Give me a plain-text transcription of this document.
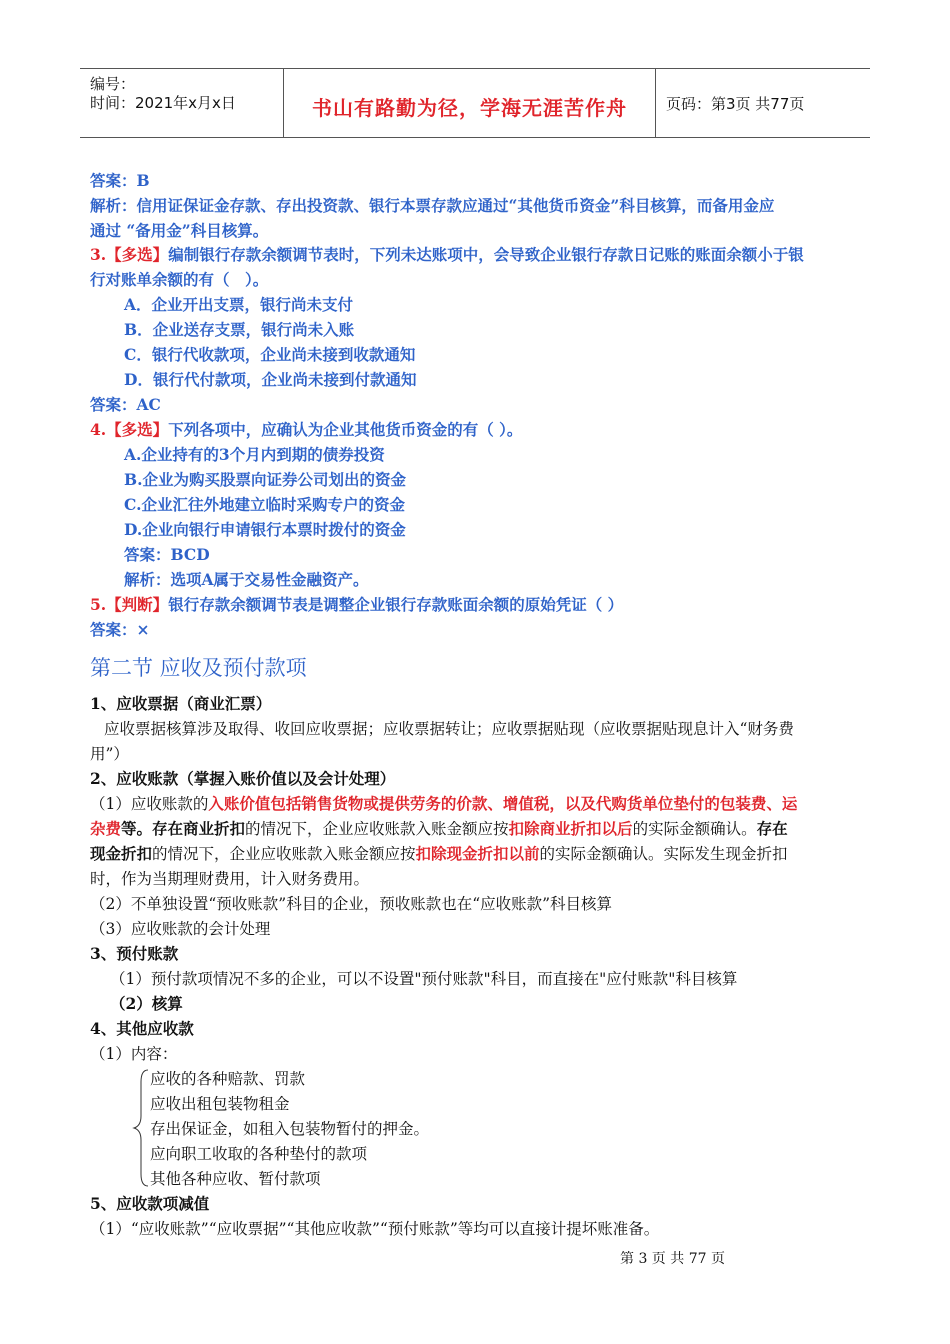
编号：
时间：2021年x月x日	书山有路勤为径，学海无涯苦作舟	页码：第3页 共77页
答案：B
解析：信用证保证金存款、存出投资款、银行本票存款应通过“其他货币资金”科目核算，而备用金应
通过 “备用金”科目核算。
3.【多选】编制银行存款余额调节表时，下列未达账项中，会导致企业银行存款日记账的账面余额小于银
行对账单余额的有（　）。
A．企业开出支票，银行尚未支付
B．企业送存支票，银行尚未入账
C．银行代收款项，企业尚未接到收款通知
D．银行代付款项，企业尚未接到付款通知
答案：AC
4.【多选】下列各项中，应确认为企业其他货币资金的有（ ）。
A.企业持有的3个月内到期的债券投资
B.企业为购买股票向证券公司划出的资金
C.企业汇往外地建立临时采购专户的资金
D.企业向银行申请银行本票时拨付的资金
答案：BCD
解析：选项A属于交易性金融资产。
5.【判断】银行存款余额调节表是调整企业银行存款账面余额的原始凭证（ ）
答案：×
第二节 应收及预付款项
1、应收票据（商业汇票）
应收票据核算涉及取得、收回应收票据；应收票据转让；应收票据贴现（应收票据贴现息计入“财务费
用”）
2、应收账款（掌握入账价值以及会计处理）
（1）应收账款的入账价值包括销售货物或提供劳务的价款、增值税，以及代购货单位垫付的包装费、运
杂费等。存在商业折扣的情况下，企业应收账款入账金额应按扣除商业折扣以后的实际金额确认。存在
现金折扣的情况下，企业应收账款入账金额应按扣除现金折扣以前的实际金额确认。实际发生现金折扣
时，作为当期理财费用，计入财务费用。
（2）不单独设置“预收账款”科目的企业，预收账款也在“应收账款”科目核算
（3）应收账款的会计处理
3、预付账款
（1）预付款项情况不多的企业，可以不设置"预付账款"科目，而直接在"应付账款"科目核算
（2）核算
4、其他应收款
（1）内容：
应收的各种赔款、罚款
应收出租包装物租金
存出保证金，如租入包装物暂付的押金。
应向职工收取的各种垫付的款项
其他各种应收、暂付款项
5、应收款项减值
（1）“应收账款”“应收票据”“其他应收款”“预付账款”等均可以直接计提坏账准备。
第 3 页 共 77 页
